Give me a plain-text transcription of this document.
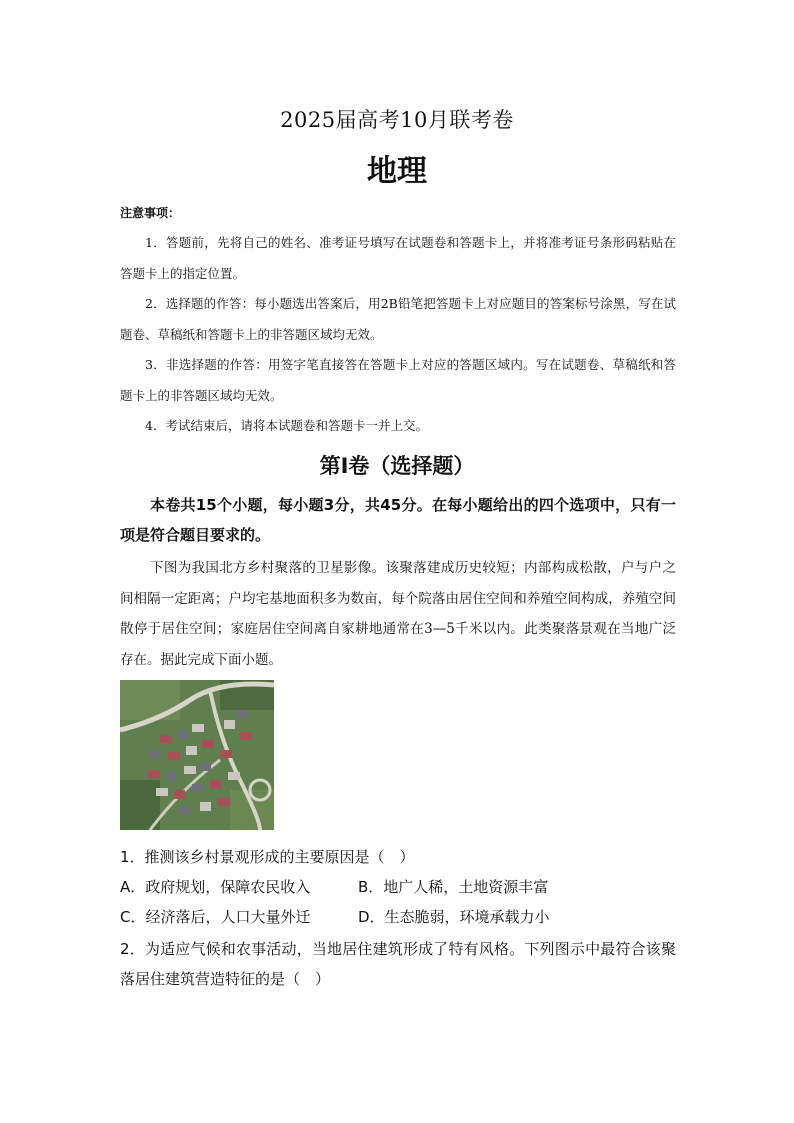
2025届高考10月联考卷
地理
注意事项：

1．答题前，先将自己的姓名、准考证号填写在试题卷和答题卡上，并将准考证号条形码粘贴在答题卡上的指定位置。

2．选择题的作答：每小题选出答案后，用2B铅笔把答题卡上对应题目的答案标号涂黑，写在试题卷、草稿纸和答题卡上的非答题区域均无效。

3．非选择题的作答：用签字笔直接答在答题卡上对应的答题区域内。写在试题卷、草稿纸和答题卡上的非答题区域均无效。

4．考试结束后，请将本试题卷和答题卡一并上交。

第Ⅰ卷（选择题）
本卷共15个小题，每小题3分，共45分。在每小题给出的四个选项中，只有一项是符合题目要求的。
下图为我国北方乡村聚落的卫星影像。该聚落建成历史较短；内部构成松散，户与户之间相隔一定距离；户均宅基地面积多为数亩，每个院落由居住空间和养殖空间构成，养殖空间散停于居住空间；家庭居住空间离自家耕地通常在3—5千米以内。此类聚落景观在当地广泛存在。据此完成下面小题。
1．推测该乡村景观形成的主要原因是（　）
A．政府规划，保障农民收入	B．地广人稀，土地资源丰富
C．经济落后，人口大量外迁	D．生态脆弱，环境承载力小
2．为适应气候和农事活动，当地居住建筑形成了特有风格。下列图示中最符合该聚落居住建筑营造特征的是（　）
